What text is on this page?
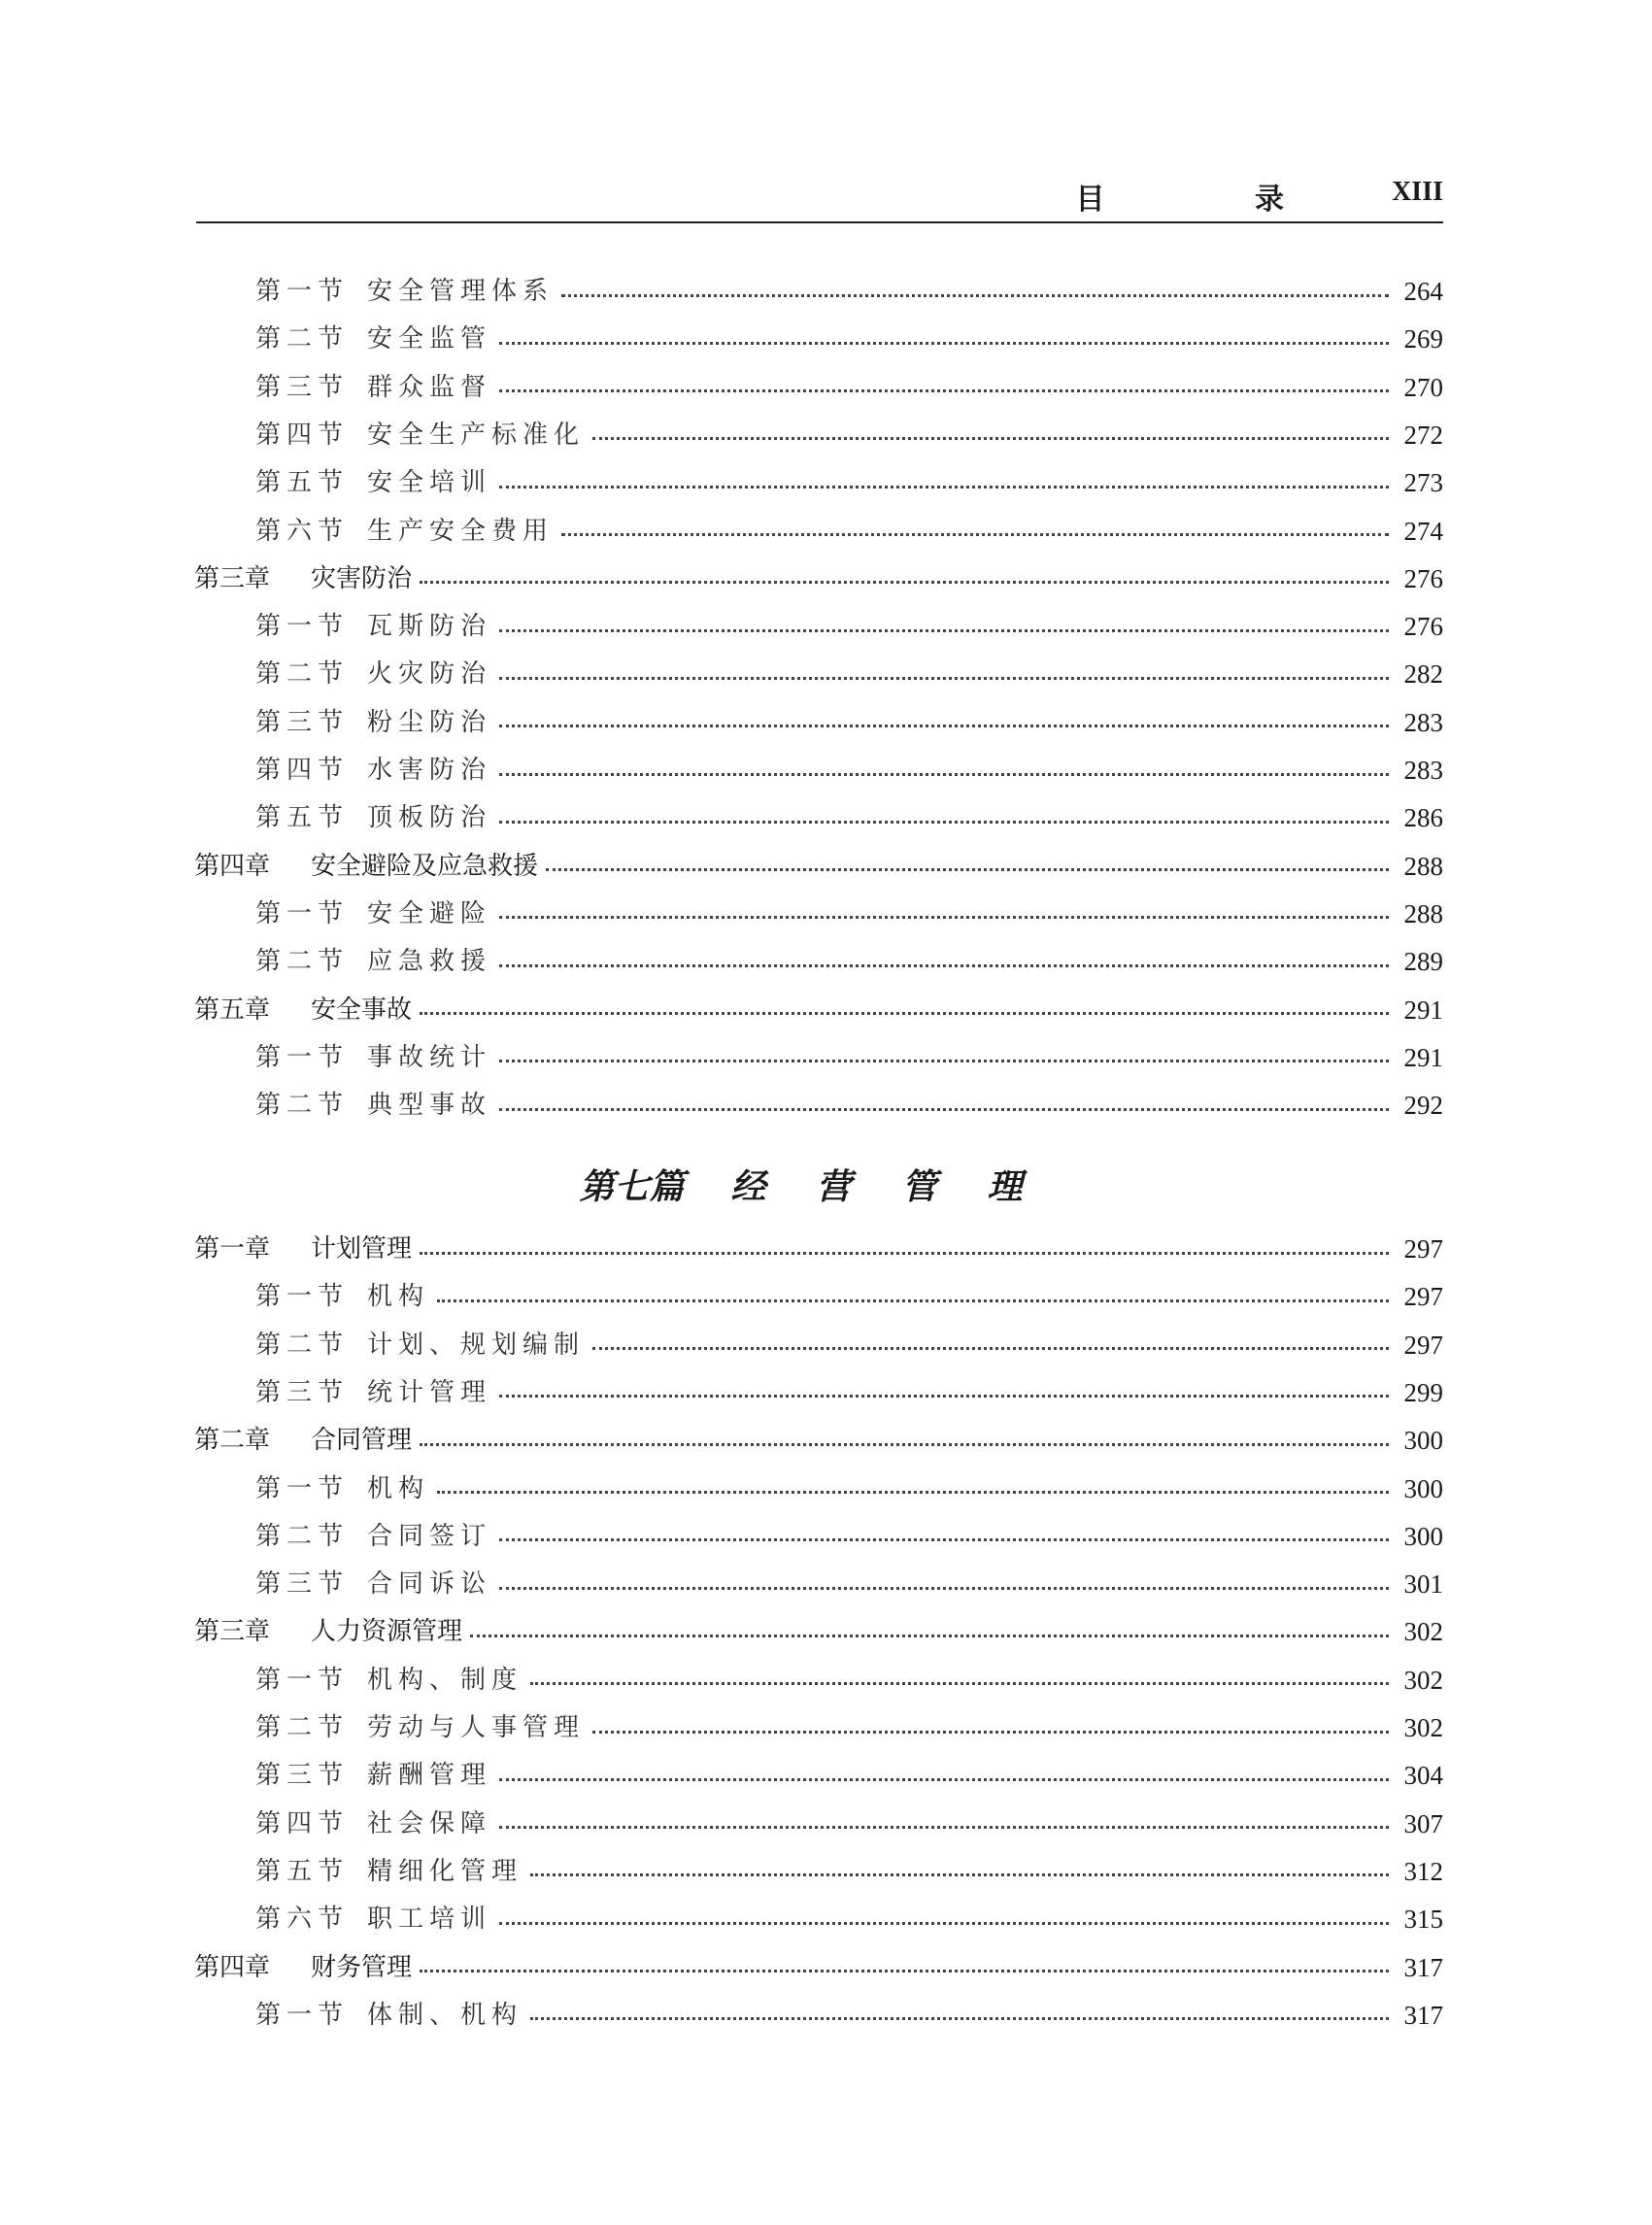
目 录 XIII
第一节 安全管理体系	264
第二节 安全监管	269
第三节 群众监督	270
第四节 安全生产标准化	272
第五节 安全培训	273
第六节 生产安全费用	274
第三章	灾害防治	276
第一节 瓦斯防治	276
第二节 火灾防治	282
第三节 粉尘防治	283
第四节 水害防治	283
第五节 顶板防治	286
第四章	安全避险及应急救援	288
第一节 安全避险	288
第二节 应急救援	289
第五章	安全事故	291
第一节 事故统计	291
第二节 典型事故	292
第七篇 经营管理
第一章	计划管理	297
第一节 机构	297
第二节 计划、规划编制	297
第三节 统计管理	299
第二章	合同管理	300
第一节 机构	300
第二节 合同签订	300
第三节 合同诉讼	301
第三章	人力资源管理	302
第一节 机构、制度	302
第二节 劳动与人事管理	302
第三节 薪酬管理	304
第四节 社会保障	307
第五节 精细化管理	312
第六节 职工培训	315
第四章	财务管理	317
第一节 体制、机构	317
